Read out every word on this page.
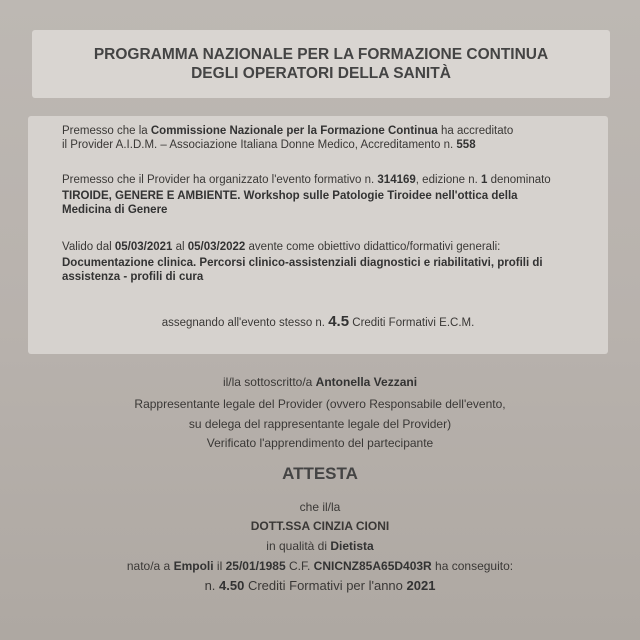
PROGRAMMA NAZIONALE PER LA FORMAZIONE CONTINUA
DEGLI OPERATORI DELLA SANITÀ
Premesso che la Commissione Nazionale per la Formazione Continua ha accreditato
il Provider A.I.D.M. – Associazione Italiana Donne Medico, Accreditamento n. 558
Premesso che il Provider ha organizzato l'evento formativo n. 314169, edizione n. 1 denominato
TIROIDE, GENERE E AMBIENTE. Workshop sulle Patologie Tiroidee nell'ottica della Medicina di Genere
Valido dal 05/03/2021 al 05/03/2022 avente come obiettivo didattico/formativi generali:
Documentazione clinica. Percorsi clinico-assistenziali diagnostici e riabilitativi, profili di assistenza - profili di cura
assegnando all'evento stesso n. 4.5 Crediti Formativi E.C.M.
il/la sottoscritto/a Antonella Vezzani
Rappresentante legale del Provider (ovvero Responsabile dell'evento,
su delega del rappresentante legale del Provider)
Verificato l'apprendimento del partecipante
ATTESTA
che il/la
DOTT.SSA CINZIA CIONI
in qualità di Dietista
nato/a a Empoli il 25/01/1985 C.F. CNICNZ85A65D403R ha conseguito:
n. 4.50 Crediti Formativi per l'anno 2021
